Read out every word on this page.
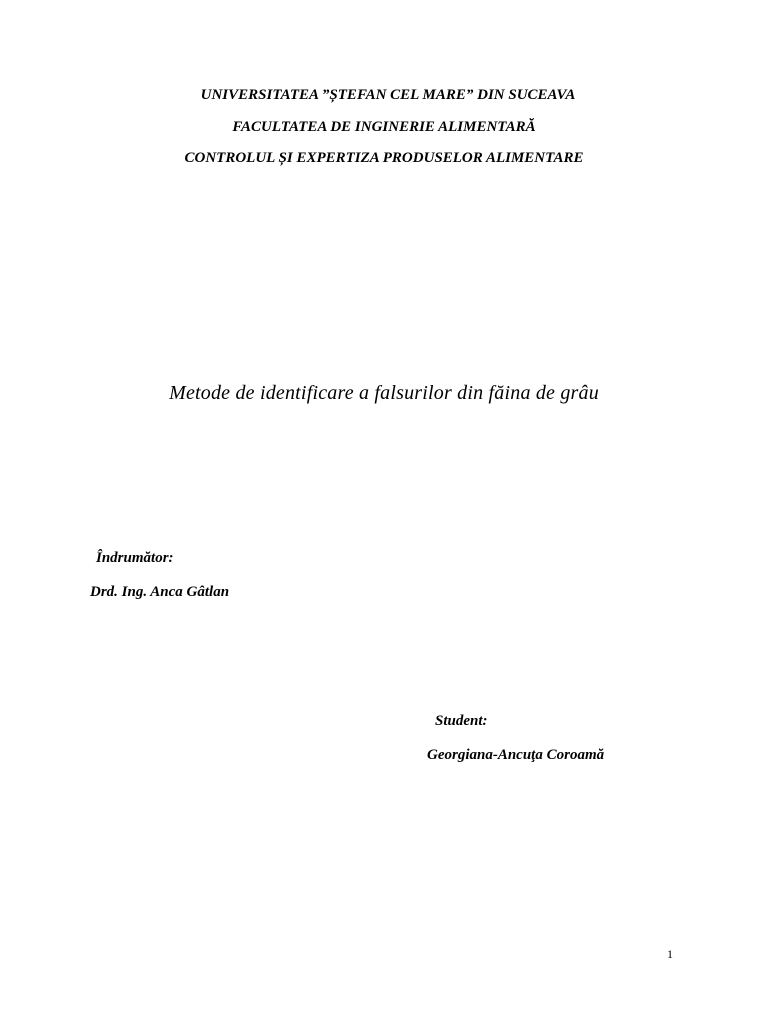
UNIVERSITATEA ”ȘTEFAN CEL MARE” DIN SUCEAVA
FACULTATEA DE INGINERIE ALIMENTARĂ
CONTROLUL ȘI EXPERTIZA PRODUSELOR ALIMENTARE
Metode de identificare a falsurilor din făina de grâu
Îndrumător:
Drd. Ing. Anca Gâtlan
Student:
Georgiana-Ancuţa Coroamă
1
